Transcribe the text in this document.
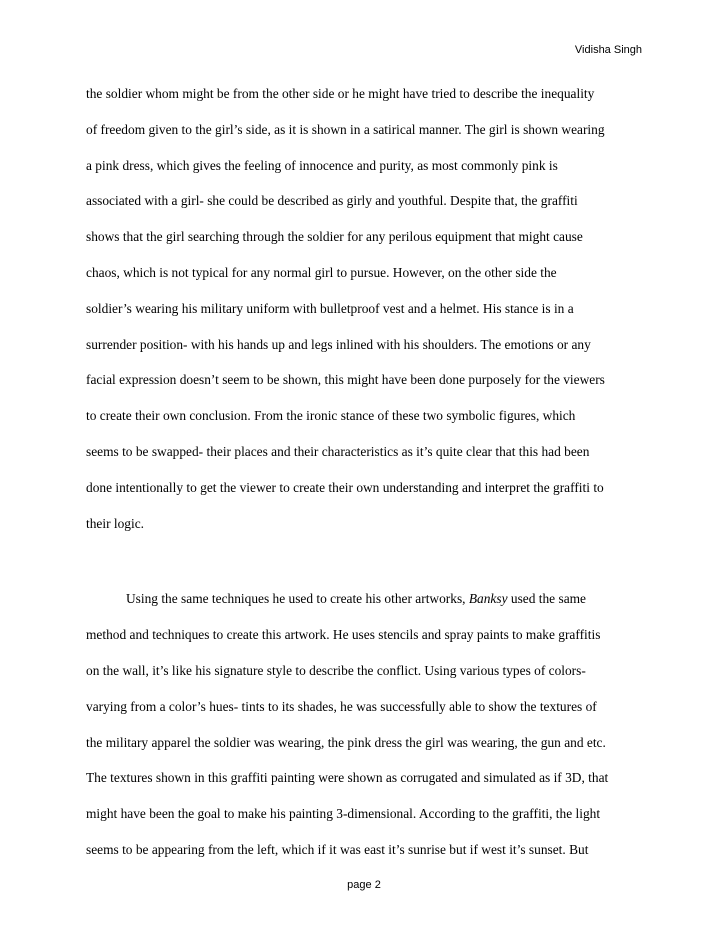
Vidisha Singh
the soldier whom might be from the other side or he might have tried to describe the inequality
of freedom given to the girl’s side, as it is shown in a satirical manner. The girl is shown wearing
a pink dress, which gives the feeling of innocence and purity, as most commonly pink is
associated with a girl- she could be described as girly and youthful. Despite that, the graffiti
shows that the girl searching through the soldier for any perilous equipment that might cause
chaos, which is not typical for any normal girl to pursue. However, on the other side the
soldier’s wearing his military uniform with bulletproof vest and a helmet. His stance is in a
surrender position- with his hands up and legs inlined with his shoulders. The emotions or any
facial expression doesn’t seem to be shown, this might have been done purposely for the viewers
to create their own conclusion. From the ironic stance of these two symbolic figures, which
seems to be swapped- their places and their characteristics as it’s quite clear that this had been
done intentionally to get the viewer to create their own understanding and interpret the graffiti to
their logic.
Using the same techniques he used to create his other artworks, Banksy used the same
method and techniques to create this artwork. He uses stencils and spray paints to make graffitis
on the wall, it’s like his signature style to describe the conflict. Using various types of colors-
varying from a color’s hues- tints to its shades, he was successfully able to show the textures of
the military apparel the soldier was wearing, the pink dress the girl was wearing, the gun and etc.
The textures shown in this graffiti painting were shown as corrugated and simulated as if 3D, that
might have been the goal to make his painting 3-dimensional. According to the graffiti, the light
seems to be appearing from the left, which if it was east it’s sunrise but if west it’s sunset. But
page 2
